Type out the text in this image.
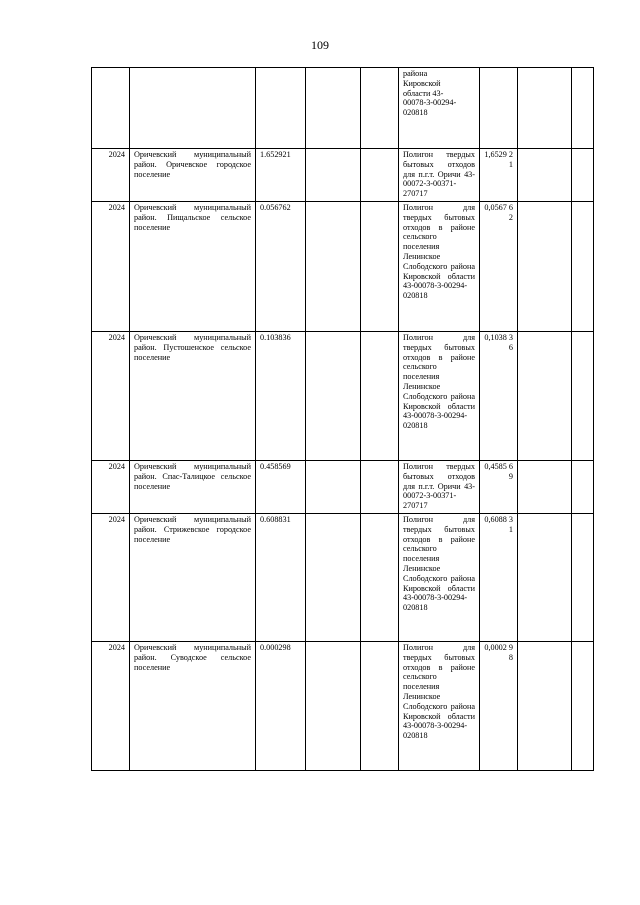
109
					района
Кировской
области 43-
00078-3-00294-
020818			
2024	Оричевский муниципальный район. Оричевское городское поселение	1.652921			Полигон твердых бытовых отходов для п.г.т. Оричи 43-00072-3-00371-270717	1,6529 21		
2024	Оричевский муниципальный район. Пищальское сельское поселение	0.056762			Полигон для твердых бытовых отходов в районе сельского поселения Ленинское Слободского района Кировской области 43-00078-3-00294-020818	0,0567 62		
2024	Оричевский муниципальный район. Пустошенское сельское поселение	0.103836			Полигон для твердых бытовых отходов в районе сельского поселения Ленинское Слободского района Кировской области 43-00078-3-00294-020818	0,1038 36		
2024	Оричевский муниципальный район. Спас-Талицкое сельское поселение	0.458569			Полигон твердых бытовых отходов для п.г.т. Оричи 43-00072-3-00371-270717	0,4585 69		
2024	Оричевский муниципальный район. Стрижевское городское поселение	0.608831			Полигон для твердых бытовых отходов в районе сельского поселения Ленинское Слободского района Кировской области 43-00078-3-00294-020818	0,6088 31		
2024	Оричевский муниципальный район. Суводское сельское поселение	0.000298			Полигон для твердых бытовых отходов в районе сельского поселения Ленинское Слободского района Кировской области 43-00078-3-00294-020818	0,0002 98		
